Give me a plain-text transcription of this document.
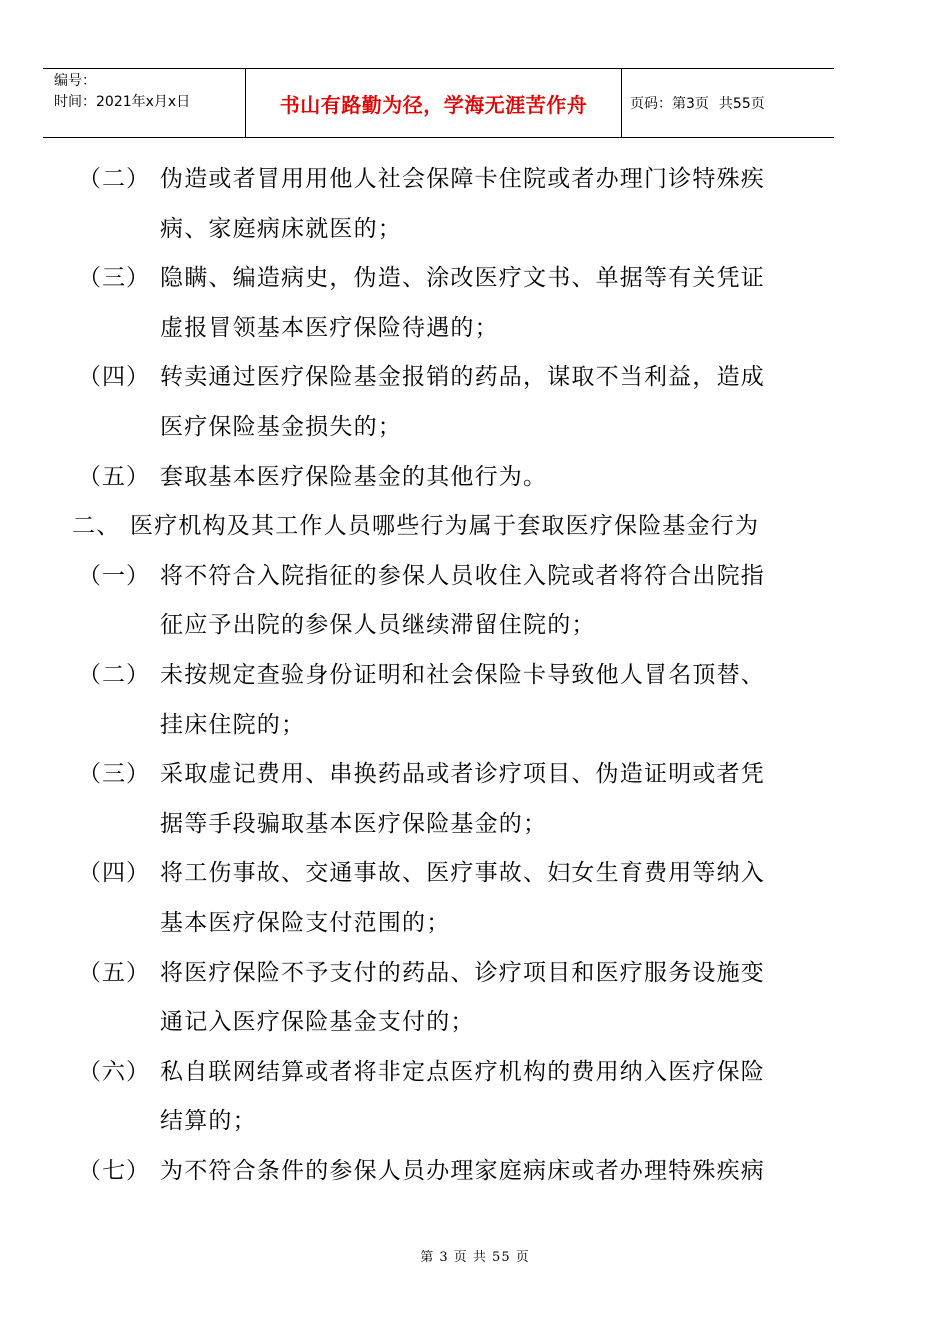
编号：
时间：2021年x月x日	书山有路勤为径，学海无涯苦作舟	页码：第3页 共55页
（二） 伪造或者冒用用他人社会保障卡住院或者办理门诊特殊疾
病、家庭病床就医的；
（三） 隐瞒、编造病史，伪造、涂改医疗文书、单据等有关凭证
虚报冒领基本医疗保险待遇的；
（四） 转卖通过医疗保险基金报销的药品，谋取不当利益，造成
医疗保险基金损失的；
（五） 套取基本医疗保险基金的其他行为。
二、 医疗机构及其工作人员哪些行为属于套取医疗保险基金行为
（一） 将不符合入院指征的参保人员收住入院或者将符合出院指
征应予出院的参保人员继续滞留住院的；
（二） 未按规定查验身份证明和社会保险卡导致他人冒名顶替、
挂床住院的；
（三） 采取虚记费用、串换药品或者诊疗项目、伪造证明或者凭
据等手段骗取基本医疗保险基金的；
（四） 将工伤事故、交通事故、医疗事故、妇女生育费用等纳入
基本医疗保险支付范围的；
（五） 将医疗保险不予支付的药品、诊疗项目和医疗服务设施变
通记入医疗保险基金支付的；
（六） 私自联网结算或者将非定点医疗机构的费用纳入医疗保险
结算的；
（七） 为不符合条件的参保人员办理家庭病床或者办理特殊疾病
第 3 页 共 55 页
